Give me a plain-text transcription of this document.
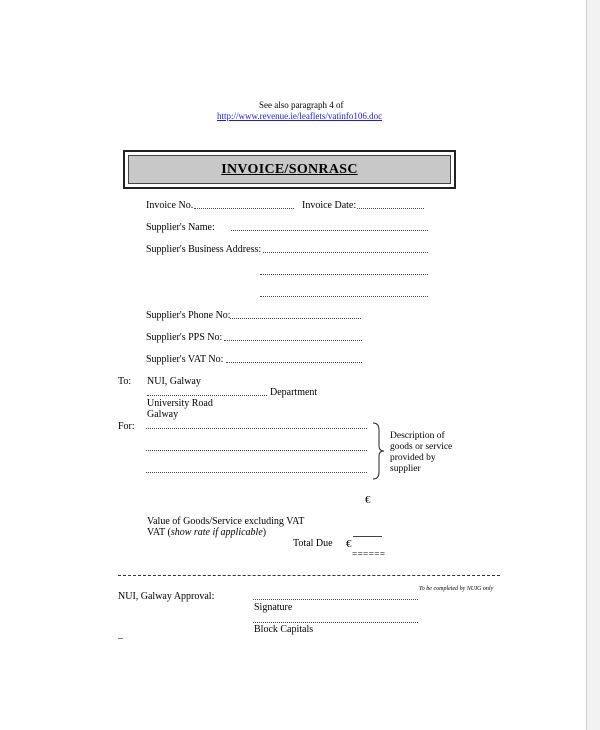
See also paragraph 4 of
http://www.revenue.ie/leaflets/vatinfo106.doc
INVOICE/SONRASC
Invoice No.	Invoice Date:
Supplier's Name:
Supplier's Business Address:
Supplier's Phone No:
Supplier's PPS No:
Supplier's VAT No:
To: NUI, Galway
Department
University Road
Galway
For:
Description of
goods or service
provided by
supplier
€
Value of Goods/Service excluding VAT
VAT (show rate if applicable)
Total Due €
======
To be completed by NUIG only
NUI, Galway Approval:
Signature
Block Capitals
_
